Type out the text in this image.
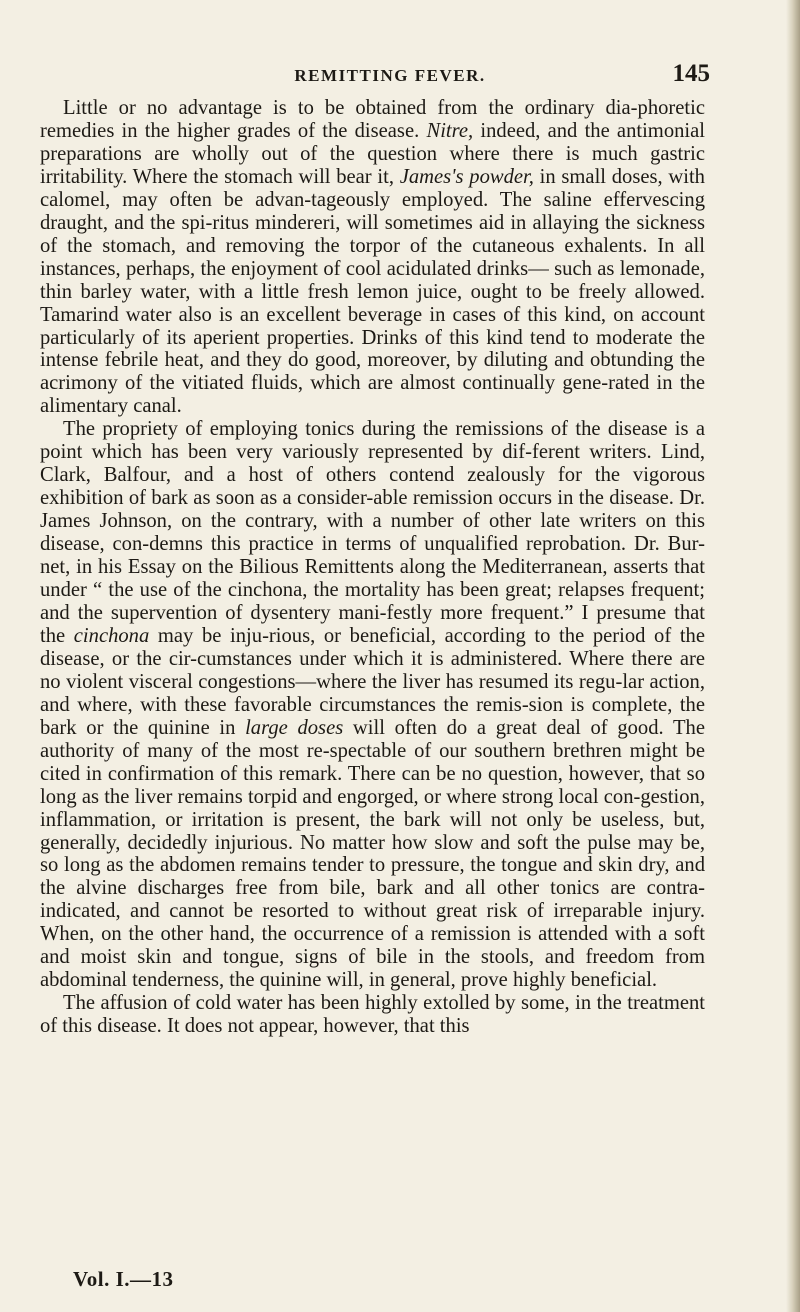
REMITTING FEVER.	145

Little or no advantage is to be obtained from the ordinary dia-phoretic remedies in the higher grades of the disease. Nitre, indeed, and the antimonial preparations are wholly out of the question where there is much gastric irritability. Where the stomach will bear it, James's powder, in small doses, with calomel, may often be advan-tageously employed. The saline effervescing draught, and the spi-ritus mindereri, will sometimes aid in allaying the sickness of the stomach, and removing the torpor of the cutaneous exhalents. In all instances, perhaps, the enjoyment of cool acidulated drinks— such as lemonade, thin barley water, with a little fresh lemon juice, ought to be freely allowed. Tamarind water also is an excellent beverage in cases of this kind, on account particularly of its aperient properties. Drinks of this kind tend to moderate the intense febrile heat, and they do good, moreover, by diluting and obtunding the acrimony of the vitiated fluids, which are almost continually gene-rated in the alimentary canal.

The propriety of employing tonics during the remissions of the disease is a point which has been very variously represented by dif-ferent writers. Lind, Clark, Balfour, and a host of others contend zealously for the vigorous exhibition of bark as soon as a consider-able remission occurs in the disease. Dr. James Johnson, on the contrary, with a number of other late writers on this disease, con-demns this practice in terms of unqualified reprobation. Dr. Bur-net, in his Essay on the Bilious Remittents along the Mediterranean, asserts that under “ the use of the cinchona, the mortality has been great; relapses frequent; and the supervention of dysentery mani-festly more frequent.” I presume that the cinchona may be inju-rious, or beneficial, according to the period of the disease, or the cir-cumstances under which it is administered. Where there are no violent visceral congestions—where the liver has resumed its regu-lar action, and where, with these favorable circumstances the remis-sion is complete, the bark or the quinine in large doses will often do a great deal of good. The authority of many of the most re-spectable of our southern brethren might be cited in confirmation of this remark. There can be no question, however, that so long as the liver remains torpid and engorged, or where strong local con-gestion, inflammation, or irritation is present, the bark will not only be useless, but, generally, decidedly injurious. No matter how slow and soft the pulse may be, so long as the abdomen remains tender to pressure, the tongue and skin dry, and the alvine discharges free from bile, bark and all other tonics are contra-indicated, and cannot be resorted to without great risk of irreparable injury. When, on the other hand, the occurrence of a remission is attended with a soft and moist skin and tongue, signs of bile in the stools, and freedom from abdominal tenderness, the quinine will, in general, prove highly beneficial.

The affusion of cold water has been highly extolled by some, in the treatment of this disease. It does not appear, however, that this

Vol. I.—13
